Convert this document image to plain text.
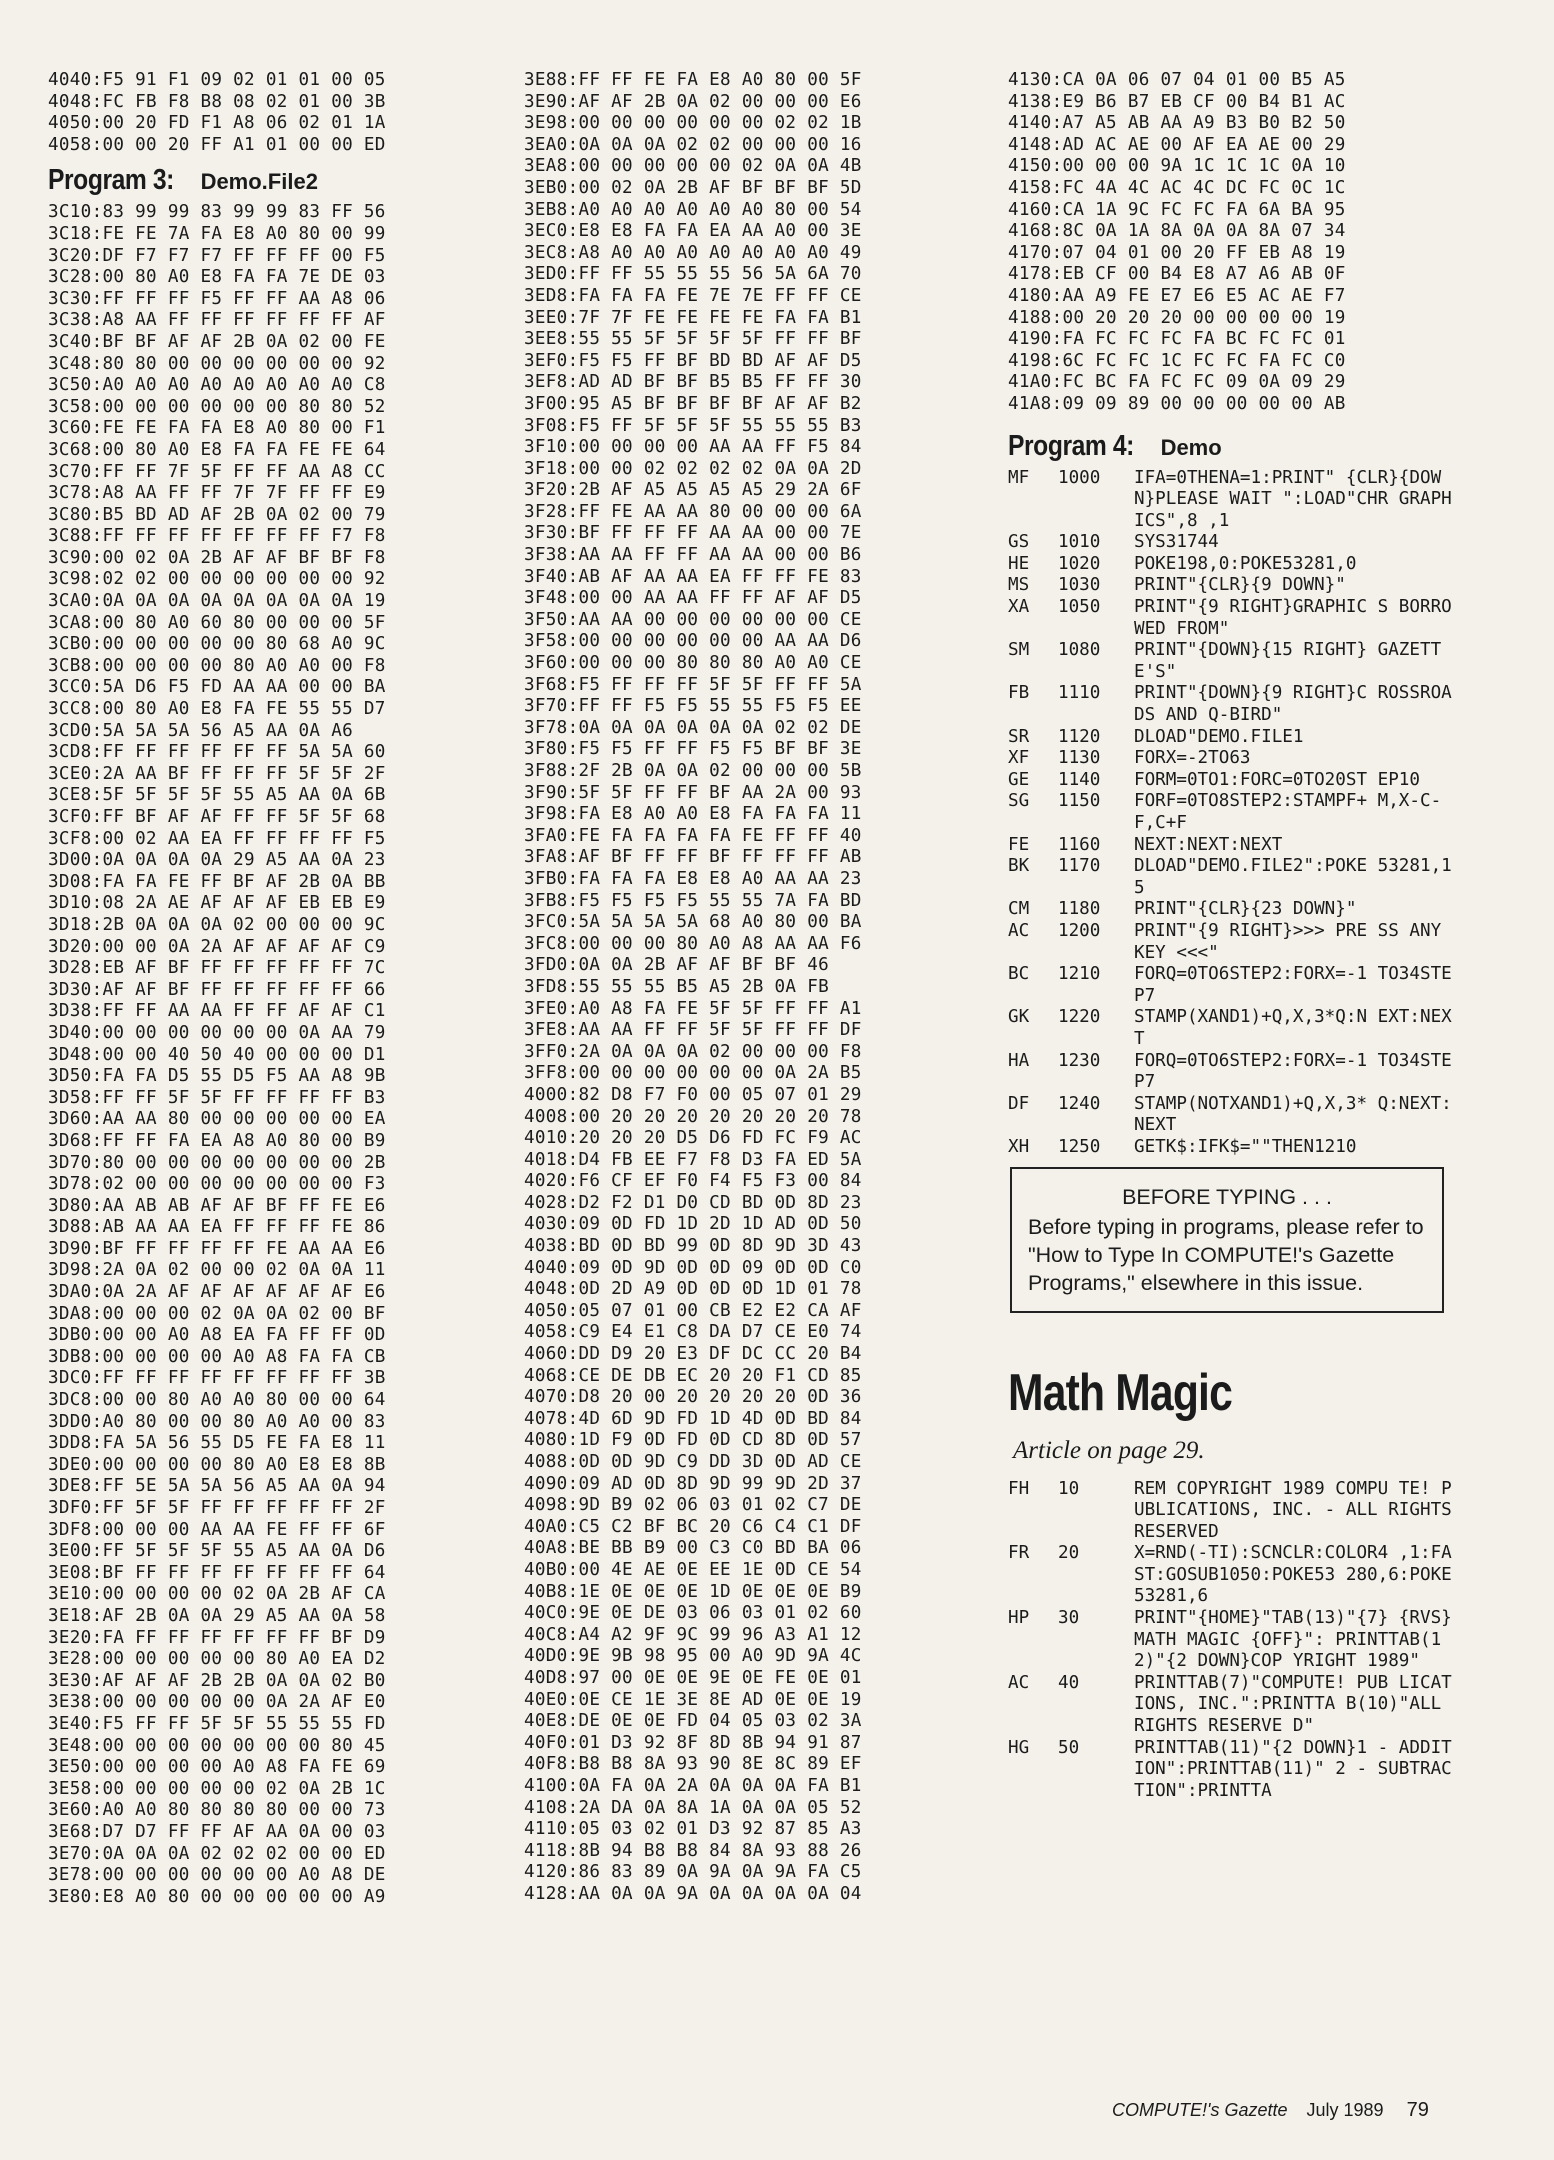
4040:F5 91 F1 09 02 01 01 00 05
4048:FC FB F8 B8 08 02 01 00 3B
4050:00 20 FD F1 A8 06 02 01 1A
4058:00 00 20 FF A1 01 00 00 ED
Program 3: Demo.File2
3C10:83 99 99 83 99 99 83 FF 56
3C18:FE FE 7A FA E8 A0 80 00 99
3C20:DF F7 F7 F7 FF FF FF 00 F5
3C28:00 80 A0 E8 FA FA 7E DE 03
3C30:FF FF FF F5 FF FF AA A8 06
3C38:A8 AA FF FF FF FF FF FF AF
3C40:BF BF AF AF 2B 0A 02 00 FE
3C48:80 80 00 00 00 00 00 00 92
3C50:A0 A0 A0 A0 A0 A0 A0 A0 C8
3C58:00 00 00 00 00 00 80 80 52
3C60:FE FE FA FA E8 A0 80 00 F1
3C68:00 80 A0 E8 FA FA FE FE 64
3C70:FF FF 7F 5F FF FF AA A8 CC
3C78:A8 AA FF FF 7F 7F FF FF E9
3C80:B5 BD AD AF 2B 0A 02 00 79
3C88:FF FF FF FF FF FF FF F7 F8
3C90:00 02 0A 2B AF AF BF BF F8
3C98:02 02 00 00 00 00 00 00 92
3CA0:0A 0A 0A 0A 0A 0A 0A 0A 19
3CA8:00 80 A0 60 80 00 00 00 5F
3CB0:00 00 00 00 00 80 68 A0 9C
3CB8:00 00 00 00 80 A0 A0 00 F8
3CC0:5A D6 F5 FD AA AA 00 00 BA
3CC8:00 80 A0 E8 FA FE 55 55 D7
3CD0:5A 5A 5A 56 A5 AA 0A A6
3CD8:FF FF FF FF FF FF 5A 5A 60
3CE0:2A AA BF FF FF FF 5F 5F 2F
3CE8:5F 5F 5F 5F 55 A5 AA 0A 6B
3CF0:FF BF AF AF FF FF 5F 5F 68
3CF8:00 02 AA EA FF FF FF FF F5
3D00:0A 0A 0A 0A 29 A5 AA 0A 23
3D08:FA FA FE FF BF AF 2B 0A BB
3D10:08 2A AE AF AF AF EB EB E9
3D18:2B 0A 0A 0A 02 00 00 00 9C
3D20:00 00 0A 2A AF AF AF AF C9
3D28:EB AF BF FF FF FF FF FF 7C
3D30:AF AF BF FF FF FF FF FF 66
3D38:FF FF AA AA FF FF AF AF C1
3D40:00 00 00 00 00 00 0A AA 79
3D48:00 00 40 50 40 00 00 00 D1
3D50:FA FA D5 55 D5 F5 AA A8 9B
3D58:FF FF 5F 5F FF FF FF FF B3
3D60:AA AA 80 00 00 00 00 00 EA
3D68:FF FF FA EA A8 A0 80 00 B9
3D70:80 00 00 00 00 00 00 00 2B
3D78:02 00 00 00 00 00 00 00 F3
3D80:AA AB AB AF AF BF FF FE E6
3D88:AB AA AA EA FF FF FF FE 86
3D90:BF FF FF FF FF FE AA AA E6
3D98:2A 0A 02 00 00 02 0A 0A 11
3DA0:0A 2A AF AF AF AF AF AF E6
3DA8:00 00 00 02 0A 0A 02 00 BF
3DB0:00 00 A0 A8 EA FA FF FF 0D
3DB8:00 00 00 00 A0 A8 FA FA CB
3DC0:FF FF FF FF FF FF FF FF 3B
3DC8:00 00 80 A0 A0 80 00 00 64
3DD0:A0 80 00 00 80 A0 A0 00 83
3DD8:FA 5A 56 55 D5 FE FA E8 11
3DE0:00 00 00 00 80 A0 E8 E8 8B
3DE8:FF 5E 5A 5A 56 A5 AA 0A 94
3DF0:FF 5F 5F FF FF FF FF FF 2F
3DF8:00 00 00 AA AA FE FF FF 6F
3E00:FF 5F 5F 5F 55 A5 AA 0A D6
3E08:BF FF FF FF FF FF FF FF 64
3E10:00 00 00 00 02 0A 2B AF CA
3E18:AF 2B 0A 0A 29 A5 AA 0A 58
3E20:FA FF FF FF FF FF FF BF D9
3E28:00 00 00 00 00 80 A0 EA D2
3E30:AF AF AF 2B 2B 0A 0A 02 B0
3E38:00 00 00 00 00 0A 2A AF E0
3E40:F5 FF FF 5F 5F 55 55 55 FD
3E48:00 00 00 00 00 00 00 80 45
3E50:00 00 00 00 A0 A8 FA FE 69
3E58:00 00 00 00 00 02 0A 2B 1C
3E60:A0 A0 80 80 80 80 00 00 73
3E68:D7 D7 FF FF AF AA 0A 00 03
3E70:0A 0A 0A 02 02 02 00 00 ED
3E78:00 00 00 00 00 00 A0 A8 DE
3E80:E8 A0 80 00 00 00 00 00 A9
3E88:FF FF FE FA E8 A0 80 00 5F
3E90:AF AF 2B 0A 02 00 00 00 E6
3E98:00 00 00 00 00 00 02 02 1B
3EA0:0A 0A 0A 02 02 00 00 00 16
3EA8:00 00 00 00 00 02 0A 0A 4B
3EB0:00 02 0A 2B AF BF BF BF 5D
3EB8:A0 A0 A0 A0 A0 A0 80 00 54
3EC0:E8 E8 FA FA EA AA A0 00 3E
3EC8:A8 A0 A0 A0 A0 A0 A0 A0 49
3ED0:FF FF 55 55 55 56 5A 6A 70
3ED8:FA FA FA FE 7E 7E FF FF CE
3EE0:7F 7F FE FE FE FE FA FA B1
3EE8:55 55 5F 5F 5F 5F FF FF BF
3EF0:F5 F5 FF BF BD BD AF AF D5
3EF8:AD AD BF BF B5 B5 FF FF 30
3F00:95 A5 BF BF BF BF AF AF B2
3F08:F5 FF 5F 5F 5F 55 55 55 B3
3F10:00 00 00 00 AA AA FF F5 84
3F18:00 00 02 02 02 02 0A 0A 2D
3F20:2B AF A5 A5 A5 A5 29 2A 6F
3F28:FF FE AA AA 80 00 00 00 6A
3F30:BF FF FF FF AA AA 00 00 7E
3F38:AA AA FF FF AA AA 00 00 B6
3F40:AB AF AA AA EA FF FF FE 83
3F48:00 00 AA AA FF FF AF AF D5
3F50:AA AA 00 00 00 00 00 00 CE
3F58:00 00 00 00 00 00 AA AA D6
3F60:00 00 00 80 80 80 A0 A0 CE
3F68:F5 FF FF FF 5F 5F FF FF 5A
3F70:FF FF F5 F5 55 55 F5 F5 EE
3F78:0A 0A 0A 0A 0A 0A 02 02 DE
3F80:F5 F5 FF FF F5 F5 BF BF 3E
3F88:2F 2B 0A 0A 02 00 00 00 5B
3F90:5F 5F FF FF BF AA 2A 00 93
3F98:FA E8 A0 A0 E8 FA FA FA 11
3FA0:FE FA FA FA FA FE FF FF 40
3FA8:AF BF FF FF BF FF FF FF AB
3FB0:FA FA FA E8 E8 A0 AA AA 23
3FB8:F5 F5 F5 F5 55 55 7A FA BD
3FC0:5A 5A 5A 5A 68 A0 80 00 BA
3FC8:00 00 00 80 A0 A8 AA AA F6
3FD0:0A 0A 2B AF AF BF BF 46
3FD8:55 55 55 B5 A5 2B 0A FB
3FE0:A0 A8 FA FE 5F 5F FF FF A1
3FE8:AA AA FF FF 5F 5F FF FF DF
3FF0:2A 0A 0A 0A 02 00 00 00 F8
3FF8:00 00 00 00 00 00 0A 2A B5
4000:82 D8 F7 F0 00 05 07 01 29
4008:00 20 20 20 20 20 20 20 78
4010:20 20 20 D5 D6 FD FC F9 AC
4018:D4 FB EE F7 F8 D3 FA ED 5A
4020:F6 CF EF F0 F4 F5 F3 00 84
4028:D2 F2 D1 D0 CD BD 0D 8D 23
4030:09 0D FD 1D 2D 1D AD 0D 50
4038:BD 0D BD 99 0D 8D 9D 3D 43
4040:09 0D 9D 0D 0D 09 0D 0D C0
4048:0D 2D A9 0D 0D 0D 1D 01 78
4050:05 07 01 00 CB E2 E2 CA AF
4058:C9 E4 E1 C8 DA D7 CE E0 74
4060:DD D9 20 E3 DF DC CC 20 B4
4068:CE DE DB EC 20 20 F1 CD 85
4070:D8 20 00 20 20 20 20 0D 36
4078:4D 6D 9D FD 1D 4D 0D BD 84
4080:1D F9 0D FD 0D CD 8D 0D 57
4088:0D 0D 9D C9 DD 3D 0D AD CE
4090:09 AD 0D 8D 9D 99 9D 2D 37
4098:9D B9 02 06 03 01 02 C7 DE
40A0:C5 C2 BF BC 20 C6 C4 C1 DF
40A8:BE BB B9 00 C3 C0 BD BA 06
40B0:00 4E AE 0E EE 1E 0D CE 54
40B8:1E 0E 0E 0E 1D 0E 0E 0E B9
40C0:9E 0E DE 03 06 03 01 02 60
40C8:A4 A2 9F 9C 99 96 A3 A1 12
40D0:9E 9B 98 95 00 A0 9D 9A 4C
40D8:97 00 0E 0E 9E 0E FE 0E 01
40E0:0E CE 1E 3E 8E AD 0E 0E 19
40E8:DE 0E 0E FD 04 05 03 02 3A
40F0:01 D3 92 8F 8D 8B 94 91 87
40F8:B8 B8 8A 93 90 8E 8C 89 EF
4100:0A FA 0A 2A 0A 0A 0A FA B1
4108:2A DA 0A 8A 1A 0A 0A 05 52
4110:05 03 02 01 D3 92 87 85 A3
4118:8B 94 B8 B8 84 8A 93 88 26
4120:86 83 89 0A 9A 0A 9A FA C5
4128:AA 0A 0A 9A 0A 0A 0A 0A 04
4130:CA 0A 06 07 04 01 00 B5 A5
4138:E9 B6 B7 EB CF 00 B4 B1 AC
4140:A7 A5 AB AA A9 B3 B0 B2 50
4148:AD AC AE 00 AF EA AE 00 29
4150:00 00 00 9A 1C 1C 1C 0A 10
4158:FC 4A 4C AC 4C DC FC 0C 1C
4160:CA 1A 9C FC FC FA 6A BA 95
4168:8C 0A 1A 8A 0A 0A 8A 07 34
4170:07 04 01 00 20 FF EB A8 19
4178:EB CF 00 B4 E8 A7 A6 AB 0F
4180:AA A9 FE E7 E6 E5 AC AE F7
4188:00 20 20 20 00 00 00 00 19
4190:FA FC FC FC FA BC FC FC 01
4198:6C FC FC 1C FC FC FA FC C0
41A0:FC BC FA FC FC 09 0A 09 29
41A8:09 09 89 00 00 00 00 00 AB
Program 4: Demo
MF	1000	IFA=0THENA=1:PRINT" {CLR}{DOWN}PLEASE WAIT ":LOAD"CHR GRAPHICS",8 ,1
GS	1010	SYS31744
HE	1020	POKE198,0:POKE53281,0
MS	1030	PRINT"{CLR}{9 DOWN}"
XA	1050	PRINT"{9 RIGHT}GRAPHIC S BORROWED FROM"
SM	1080	PRINT"{DOWN}{15 RIGHT} GAZETTE'S"
FB	1110	PRINT"{DOWN}{9 RIGHT}C ROSSROADS AND Q-BIRD"
SR	1120	DLOAD"DEMO.FILE1
XF	1130	FORX=-2TO63
GE	1140	FORM=0TO1:FORC=0TO20ST EP10
SG	1150	FORF=0TO8STEP2:STAMPF+ M,X-C-F,C+F
FE	1160	NEXT:NEXT:NEXT
BK	1170	DLOAD"DEMO.FILE2":POKE 53281,15
CM	1180	PRINT"{CLR}{23 DOWN}"
AC	1200	PRINT"{9 RIGHT}>>> PRE SS ANY KEY <<<"
BC	1210	FORQ=0TO6STEP2:FORX=-1 TO34STEP7
GK	1220	STAMP(XAND1)+Q,X,3*Q:N EXT:NEXT
HA	1230	FORQ=0TO6STEP2:FORX=-1 TO34STEP7
DF	1240	STAMP(NOTXAND1)+Q,X,3* Q:NEXT:NEXT
XH	1250	GETK$:IFK$=""THEN1210
BEFORE TYPING . . .
Before typing in programs, please refer to "How to Type In COMPUTE!'s Gazette Programs," elsewhere in this issue.
Math Magic
Article on page 29.
FH	10	REM COPYRIGHT 1989 COMPU TE! PUBLICATIONS, INC. - ALL RIGHTS RESERVED
FR	20	X=RND(-TI):SCNCLR:COLOR4 ,1:FAST:GOSUB1050:POKE53 280,6:POKE53281,6
HP	30	PRINT"{HOME}"TAB(13)"{7} {RVS} MATH MAGIC {OFF}": PRINTTAB(12)"{2 DOWN}COP YRIGHT 1989"
AC	40	PRINTTAB(7)"COMPUTE! PUB LICATIONS, INC.":PRINTTA B(10)"ALL RIGHTS RESERVE D"
HG	50	PRINTTAB(11)"{2 DOWN}1 - ADDITION":PRINTTAB(11)" 2 - SUBTRACTION":PRINTTA
COMPUTE!'s Gazette July 1989 79
